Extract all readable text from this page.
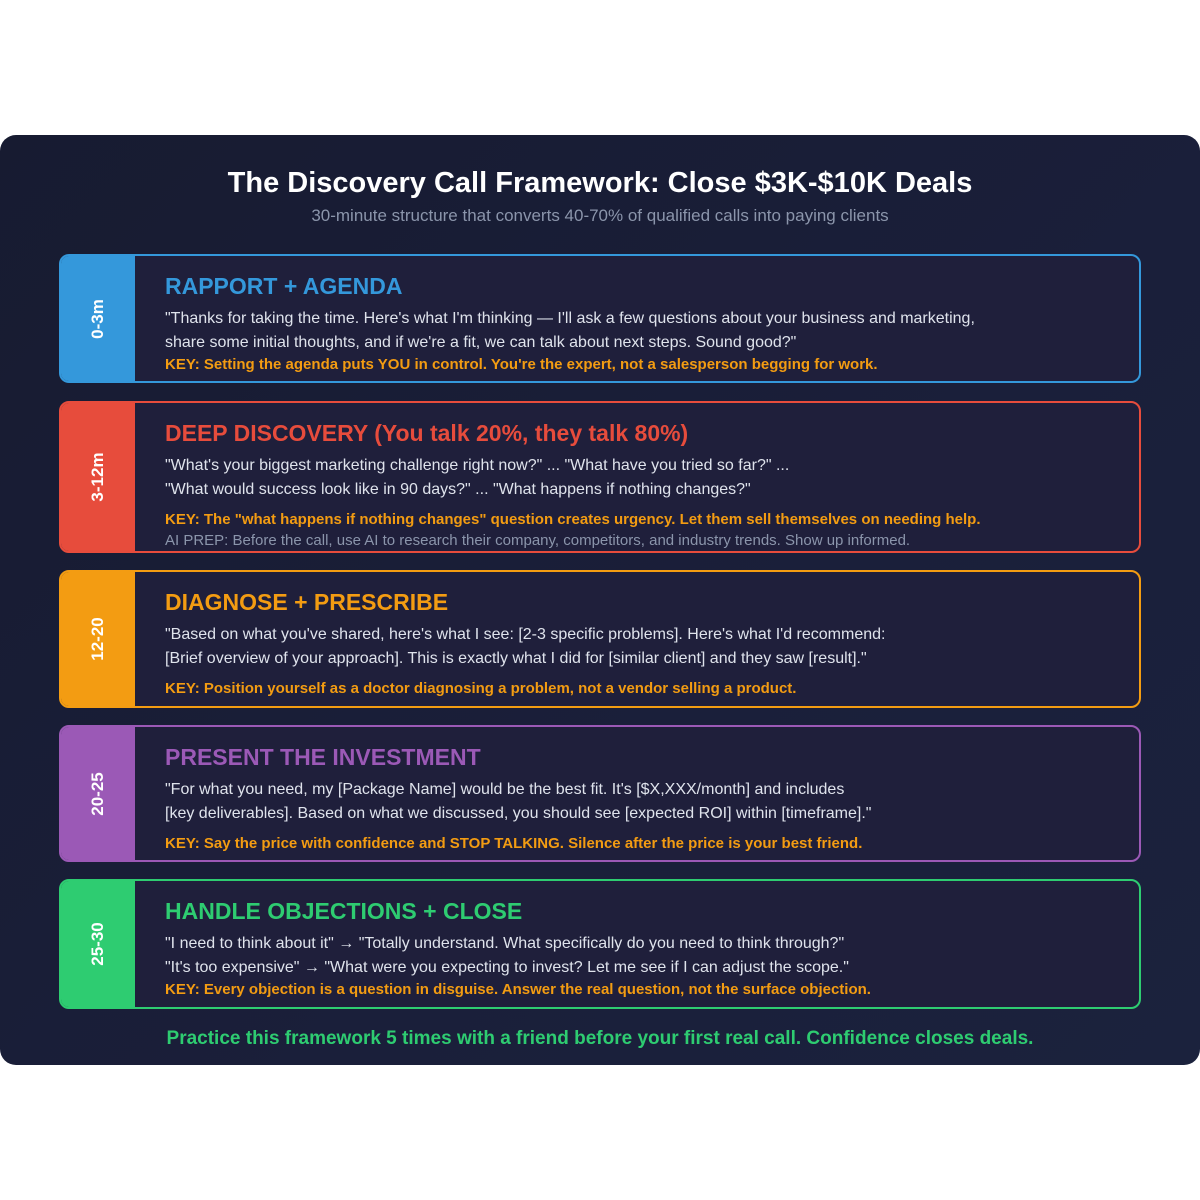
The Discovery Call Framework: Close $3K-$10K Deals
30-minute structure that converts 40-70% of qualified calls into paying clients
0-3m
RAPPORT + AGENDA
"Thanks for taking the time. Here's what I'm thinking — I'll ask a few questions about your business and marketing,
share some initial thoughts, and if we're a fit, we can talk about next steps. Sound good?"
KEY: Setting the agenda puts YOU in control. You're the expert, not a salesperson begging for work.
3-12m
DEEP DISCOVERY (You talk 20%, they talk 80%)
"What's your biggest marketing challenge right now?" ... "What have you tried so far?" ...
"What would success look like in 90 days?" ... "What happens if nothing changes?"
KEY: The "what happens if nothing changes" question creates urgency. Let them sell themselves on needing help.
AI PREP: Before the call, use AI to research their company, competitors, and industry trends. Show up informed.
12-20
DIAGNOSE + PRESCRIBE
"Based on what you've shared, here's what I see: [2-3 specific problems]. Here's what I'd recommend:
[Brief overview of your approach]. This is exactly what I did for [similar client] and they saw [result]."
KEY: Position yourself as a doctor diagnosing a problem, not a vendor selling a product.
20-25
PRESENT THE INVESTMENT
"For what you need, my [Package Name] would be the best fit. It's [$X,XXX/month] and includes
[key deliverables]. Based on what we discussed, you should see [expected ROI] within [timeframe]."
KEY: Say the price with confidence and STOP TALKING. Silence after the price is your best friend.
25-30
HANDLE OBJECTIONS + CLOSE
"I need to think about it" → "Totally understand. What specifically do you need to think through?"
"It's too expensive" → "What were you expecting to invest? Let me see if I can adjust the scope."
KEY: Every objection is a question in disguise. Answer the real question, not the surface objection.
Practice this framework 5 times with a friend before your first real call. Confidence closes deals.
